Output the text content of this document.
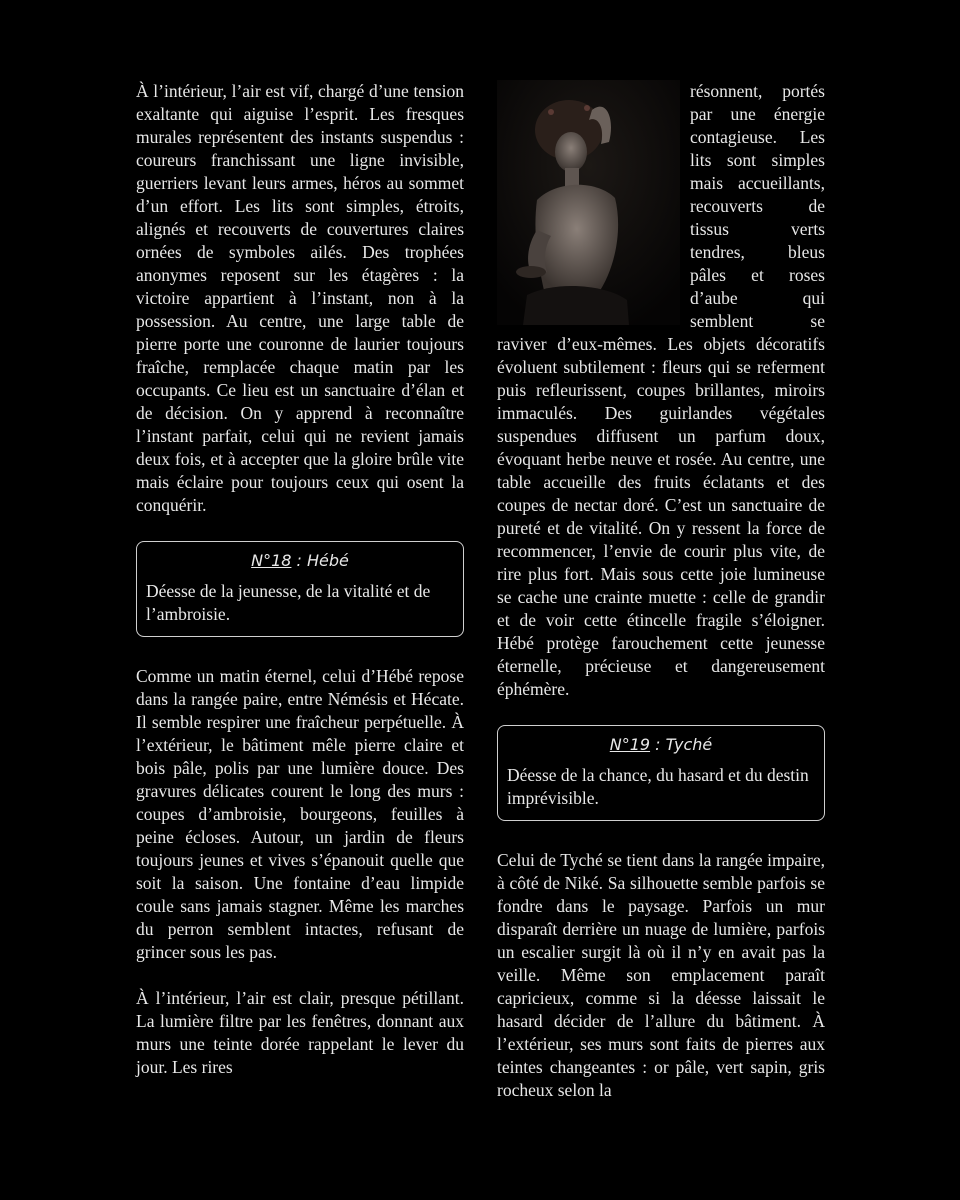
À l’intérieur, l’air est vif, chargé d’une tension exaltante qui aiguise l’esprit. Les fresques murales représentent des instants suspendus : coureurs franchissant une ligne invisible, guerriers levant leurs armes, héros au sommet d’un effort. Les lits sont simples, étroits, alignés et recouverts de couvertures claires ornées de symboles ailés. Des trophées anonymes reposent sur les étagères : la victoire appartient à l’instant, non à la possession. Au centre, une large table de pierre porte une couronne de laurier toujours fraîche, remplacée chaque matin par les occupants. Ce lieu est un sanctuaire d’élan et de décision. On y apprend à reconnaître l’instant parfait, celui qui ne revient jamais deux fois, et à accepter que la gloire brûle vite mais éclaire pour toujours ceux qui osent la conquérir.

N°18 : Hébé
Déesse de la jeunesse, de la vitalité et de l’ambroisie.

Comme un matin éternel, celui d’Hébé repose dans la rangée paire, entre Némésis et Hécate. Il semble respirer une fraîcheur perpétuelle. À l’extérieur, le bâtiment mêle pierre claire et bois pâle, polis par une lumière douce. Des gravures délicates courent le long des murs : coupes d’ambroisie, bourgeons, feuilles à peine écloses. Autour, un jardin de fleurs toujours jeunes et vives s’épanouit quelle que soit la saison. Une fontaine d’eau limpide coule sans jamais stagner. Même les marches du perron semblent intactes, refusant de grincer sous les pas.

À l’intérieur, l’air est clair, presque pétillant. La lumière filtre par les fenêtres, donnant aux murs une teinte dorée rappelant le lever du jour. Les rires

résonnent, portés
par une énergie
contagieuse. Les
lits sont simples
mais accueillants,
recouverts de
tissus verts
tendres, bleus
pâles et roses
d’aube qui
semblent se

raviver d’eux-mêmes. Les objets décoratifs évoluent subtilement : fleurs qui se referment puis refleurissent, coupes brillantes, miroirs immaculés. Des guirlandes végétales suspendues diffusent un parfum doux, évoquant herbe neuve et rosée. Au centre, une table accueille des fruits éclatants et des coupes de nectar doré. C’est un sanctuaire de pureté et de vitalité. On y ressent la force de recommencer, l’envie de courir plus vite, de rire plus fort. Mais sous cette joie lumineuse se cache une crainte muette : celle de grandir et de voir cette étincelle fragile s’éloigner. Hébé protège farouchement cette jeunesse éternelle, précieuse et dangereusement éphémère.

N°19 : Tyché
Déesse de la chance, du hasard et du destin imprévisible.

Celui de Tyché se tient dans la rangée impaire, à côté de Niké. Sa silhouette semble parfois se fondre dans le paysage. Parfois un mur disparaît derrière un nuage de lumière, parfois un escalier surgit là où il n’y en avait pas la veille. Même son emplacement paraît capricieux, comme si la déesse laissait le hasard décider de l’allure du bâtiment. À l’extérieur, ses murs sont faits de pierres aux teintes changeantes : or pâle, vert sapin, gris rocheux selon la
